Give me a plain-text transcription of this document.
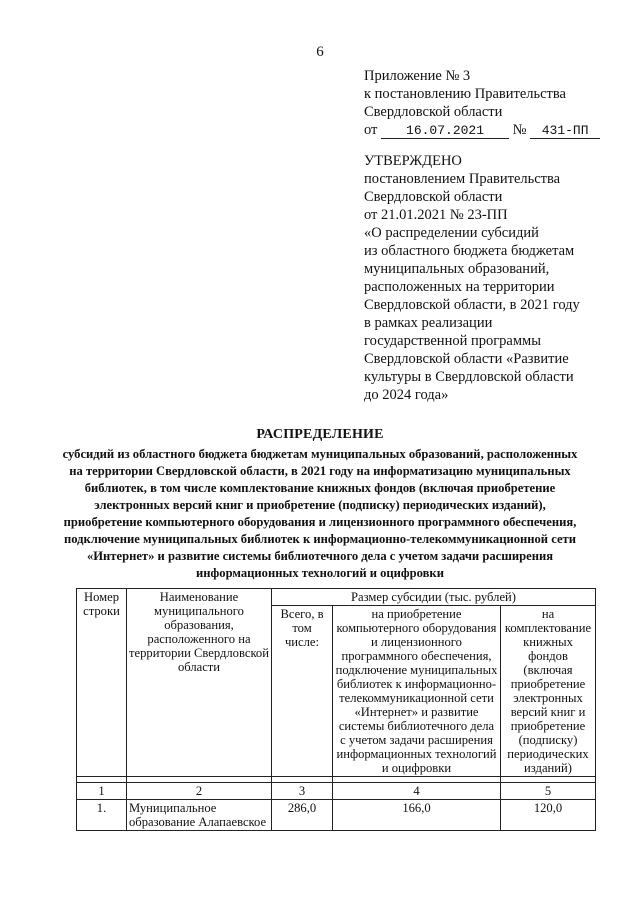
6
Приложение № 3
к постановлению Правительства
Свердловской области
от 16.07.2021 № 431-ПП
УТВЕРЖДЕНО
постановлением Правительства
Свердловской области
от 21.01.2021 № 23-ПП
«О распределении субсидий
из областного бюджета бюджетам
муниципальных образований,
расположенных на территории
Свердловской области, в 2021 году
в рамках реализации
государственной программы
Свердловской области «Развитие
культуры в Свердловской области
до 2024 года»
РАСПРЕДЕЛЕНИЕ
субсидий из областного бюджета бюджетам муниципальных образований, расположенных
на территории Свердловской области, в 2021 году на информатизацию муниципальных
библиотек, в том числе комплектование книжных фондов (включая приобретение
электронных версий книг и приобретение (подписку) периодических изданий),
приобретение компьютерного оборудования и лицензионного программного обеспечения,
подключение муниципальных библиотек к информационно-телекоммуникационной сети
«Интернет» и развитие системы библиотечного дела с учетом задачи расширения
информационных технологий и оцифровки
Номер строки	Наименование муниципального образования, расположенного на территории Свердловской области	Размер субсидии (тыс. рублей)		
		Всего, в том числе:	на приобретение компьютерного оборудования и лицензионного программного обеспечения, подключение муниципальных библиотек к информационно-телекоммуникационной сети «Интернет» и развитие системы библиотечного дела с учетом задачи расширения информационных технологий и оцифровки	на комплектование книжных фондов (включая приобретение электронных версий книг и приобретение (подписку) периодических изданий)

1	2	3	4	5
1.	Муниципальное образование Алапаевское	286,0	166,0	120,0
